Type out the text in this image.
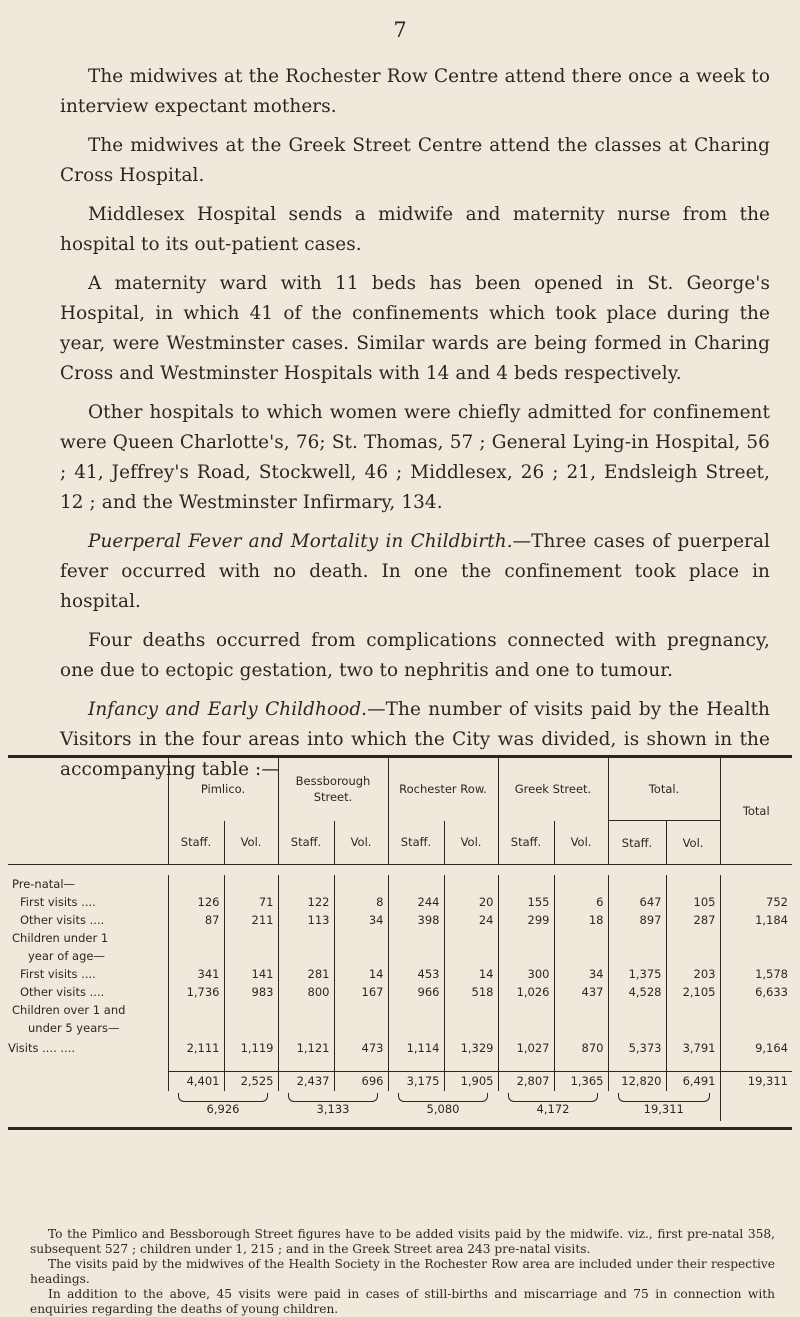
7

The midwives at the Rochester Row Centre attend there once a week to interview expectant mothers.

The midwives at the Greek Street Centre attend the classes at Charing Cross Hospital.

Middlesex Hospital sends a midwife and maternity nurse from the hospital to its out-patient cases.

A maternity ward with 11 beds has been opened in St. George's Hospital, in which 41 of the confinements which took place during the year, were Westminster cases. Similar wards are being formed in Charing Cross and Westminster Hospitals with 14 and 4 beds respectively.

Other hospitals to which women were chiefly admitted for confinement were Queen Charlotte's, 76; St. Thomas, 57 ; General Lying-in Hospital, 56 ; 41, Jeffrey's Road, Stockwell, 46 ; Middlesex, 26 ; 21, Endsleigh Street, 12 ; and the Westminster Infirmary, 134.

Puerperal Fever and Mortality in Childbirth.—Three cases of puerperal fever occurred with no death. In one the confinement took place in hospital.

Four deaths occurred from complications connected with pregnancy, one due to ectopic gestation, two to nephritis and one to tumour.

Infancy and Early Childhood.—The number of visits paid by the Health Visitors in the four areas into which the City was divided, is shown in the accompanying table :—

	Pimlico.		Bessborough Street.		Rochester Row.		Greek Street.		Total.		Total
	Staff.	Vol.	Staff.	Vol.	Staff.	Vol.	Staff.	Vol.	Staff.	Vol.	

Pre-natal—											
First visits ....	126	71	122	8	244	20	155	6	647	105	752
Other visits ....	87	211	113	34	398	24	299	18	897	287	1,184
Children under 1											
year of age—											
First visits ....	341	141	281	14	453	14	300	34	1,375	203	1,578
Other visits ....	1,736	983	800	167	966	518	1,026	437	4,528	2,105	6,633
Children over 1 and											
under 5 years—											
Visits .... ....	2,111	1,119	1,121	473	1,114	1,329	1,027	870	5,373	3,791	9,164

	4,401	2,525	2,437	696	3,175	1,905	2,807	1,365	12,820	6,491	19,311

6,926		3,133		5,080		4,172		19,311		

To the Pimlico and Bessborough Street figures have to be added visits paid by the midwife. viz., first pre-natal 358, subsequent 527 ; children under 1, 215 ; and in the Greek Street area 243 pre-natal visits.

The visits paid by the midwives of the Health Society in the Rochester Row area are included under their respective headings.

In addition to the above, 45 visits were paid in cases of still-births and miscarriage and 75 in connection with enquiries regarding the deaths of young children.
